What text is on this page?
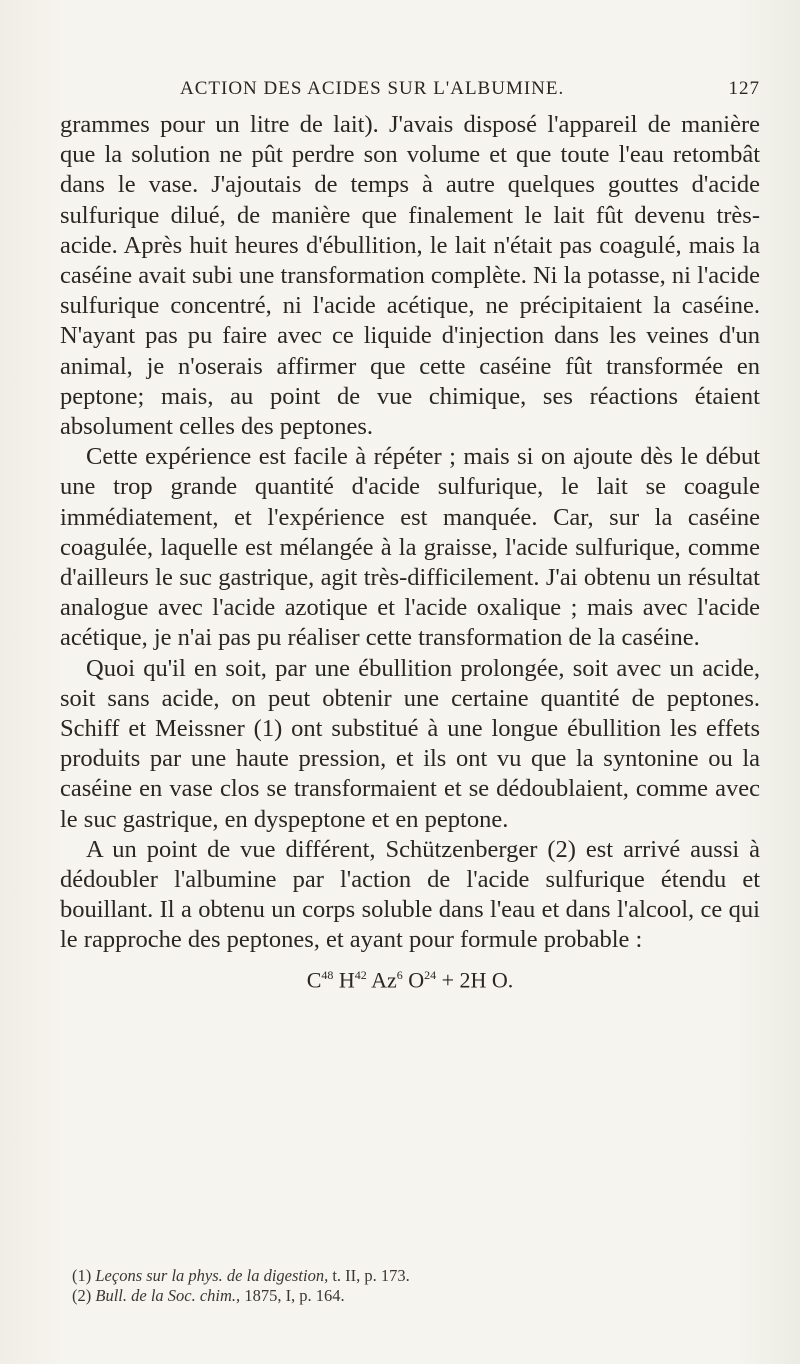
ACTION DES ACIDES SUR L'ALBUMINE.	127

grammes pour un litre de lait). J'avais disposé l'appareil de manière que la solution ne pût perdre son volume et que toute l'eau retombât dans le vase. J'ajoutais de temps à autre quelques gouttes d'acide sulfurique dilué, de manière que finalement le lait fût devenu très-acide. Après huit heures d'ébullition, le lait n'était pas coagulé, mais la caséine avait subi une transformation complète. Ni la potasse, ni l'acide sulfurique concentré, ni l'acide acétique, ne précipitaient la caséine. N'ayant pas pu faire avec ce liquide d'injection dans les veines d'un animal, je n'oserais affirmer que cette caséine fût transformée en peptone; mais, au point de vue chimique, ses réactions étaient absolument celles des peptones.

Cette expérience est facile à répéter ; mais si on ajoute dès le début une trop grande quantité d'acide sulfurique, le lait se coagule immédiatement, et l'expérience est manquée. Car, sur la caséine coagulée, laquelle est mélangée à la graisse, l'acide sulfurique, comme d'ailleurs le suc gastrique, agit très-difficilement. J'ai obtenu un résultat analogue avec l'acide azotique et l'acide oxalique ; mais avec l'acide acétique, je n'ai pas pu réaliser cette transformation de la caséine.

Quoi qu'il en soit, par une ébullition prolongée, soit avec un acide, soit sans acide, on peut obtenir une certaine quantité de peptones. Schiff et Meissner (1) ont substitué à une longue ébullition les effets produits par une haute pression, et ils ont vu que la syntonine ou la caséine en vase clos se transformaient et se dédoublaient, comme avec le suc gastrique, en dyspeptone et en peptone.

A un point de vue différent, Schützenberger (2) est arrivé aussi à dédoubler l'albumine par l'action de l'acide sulfurique étendu et bouillant. Il a obtenu un corps soluble dans l'eau et dans l'alcool, ce qui le rapproche des peptones, et ayant pour formule probable :

$C^{48}$ $H^{42}$ Az$^6$ $O^{24} + 2H$ O.
(1) Leçons sur la phys. de la digestion, t. II, p. 173.
(2) Bull. de la Soc. chim., 1875, I, p. 164.
